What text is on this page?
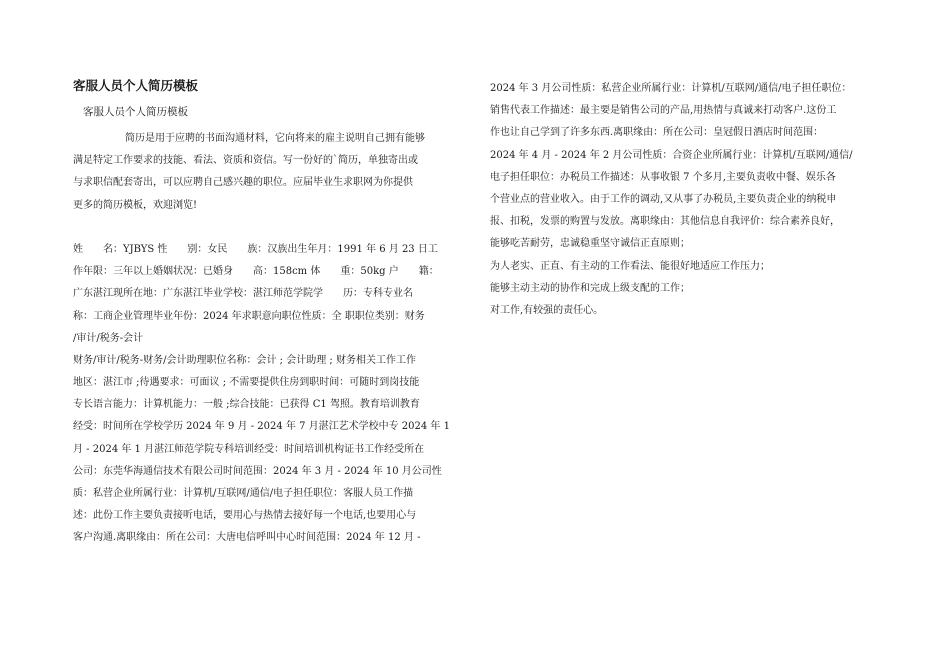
客服人员个人简历模板
客服人员个人简历模板
简历是用于应聘的书面沟通材料，它向将来的雇主说明自己拥有能够
满足特定工作要求的技能、看法、资质和资信。写一份好的`简历，单独寄出或
与求职信配套寄出，可以应聘自己感兴趣的职位。应届毕业生求职网为你提供
更多的简历模板，欢迎浏览!
姓　　名：YJBYS 性　　别：女民　　族：汉族出生年月：1991 年 6 月 23 日工
作年限：三年以上婚姻状况：已婚身　　高：158cm 体　　重：50kg 户　　籍：
广东湛江现所在地：广东湛江毕业学校：湛江师范学院学　　历：专科专业名
称：工商企业管理毕业年份：2024 年求职意向职位性质：全 职职位类别：财务
/审计/税务-会计
财务/审计/税务-财务/会计助理职位名称：会计 ; 会计助理 ; 财务相关工作工作
地区：湛江市 ;待遇要求：可面议 ; 不需要提供住房到职时间：可随时到岗技能
专长语言能力：计算机能力：一般 ;综合技能：已获得 C1 驾照。教育培训教育
经受：时间所在学校学历 2024 年 9 月 - 2024 年 7 月湛江艺术学校中专 2024 年 1
月 - 2024 年 1 月湛江师范学院专科培训经受：时间培训机构证书工作经受所在
公司：东莞华海通信技术有限公司时间范围：2024 年 3 月 - 2024 年 10 月公司性
质：私营企业所属行业：计算机/互联网/通信/电子担任职位：客服人员工作描
述：此份工作主要负责接听电话，要用心与热情去接好每一个电话,也要用心与
客户沟通.离职缘由：所在公司：大唐电信呼叫中心时间范围：2024 年 12 月 -
2024 年 3 月公司性质：私营企业所属行业：计算机/互联网/通信/电子担任职位：
销售代表工作描述：最主要是销售公司的产品,用热情与真诚来打动客户.这份工
作也让自己学到了许多东西.离职缘由：所在公司：皇冠假日酒店时间范围：
2024 年 4 月 - 2024 年 2 月公司性质：合资企业所属行业：计算机/互联网/通信/
电子担任职位：办税员工作描述：从事收银 7 个多月,主要负责收中餐、娱乐各
个营业点的营业收入。由于工作的调动,又从事了办税员,主要负责企业的纳税申
报、扣税，发票的购置与发放。离职缘由：其他信息自我评价：综合素养良好，
能够吃苦耐劳，忠诚稳重坚守诚信正直原则；
为人老实、正直、有主动的工作看法、能很好地适应工作压力；
能够主动主动的协作和完成上级支配的工作；
对工作,有较强的责任心。
